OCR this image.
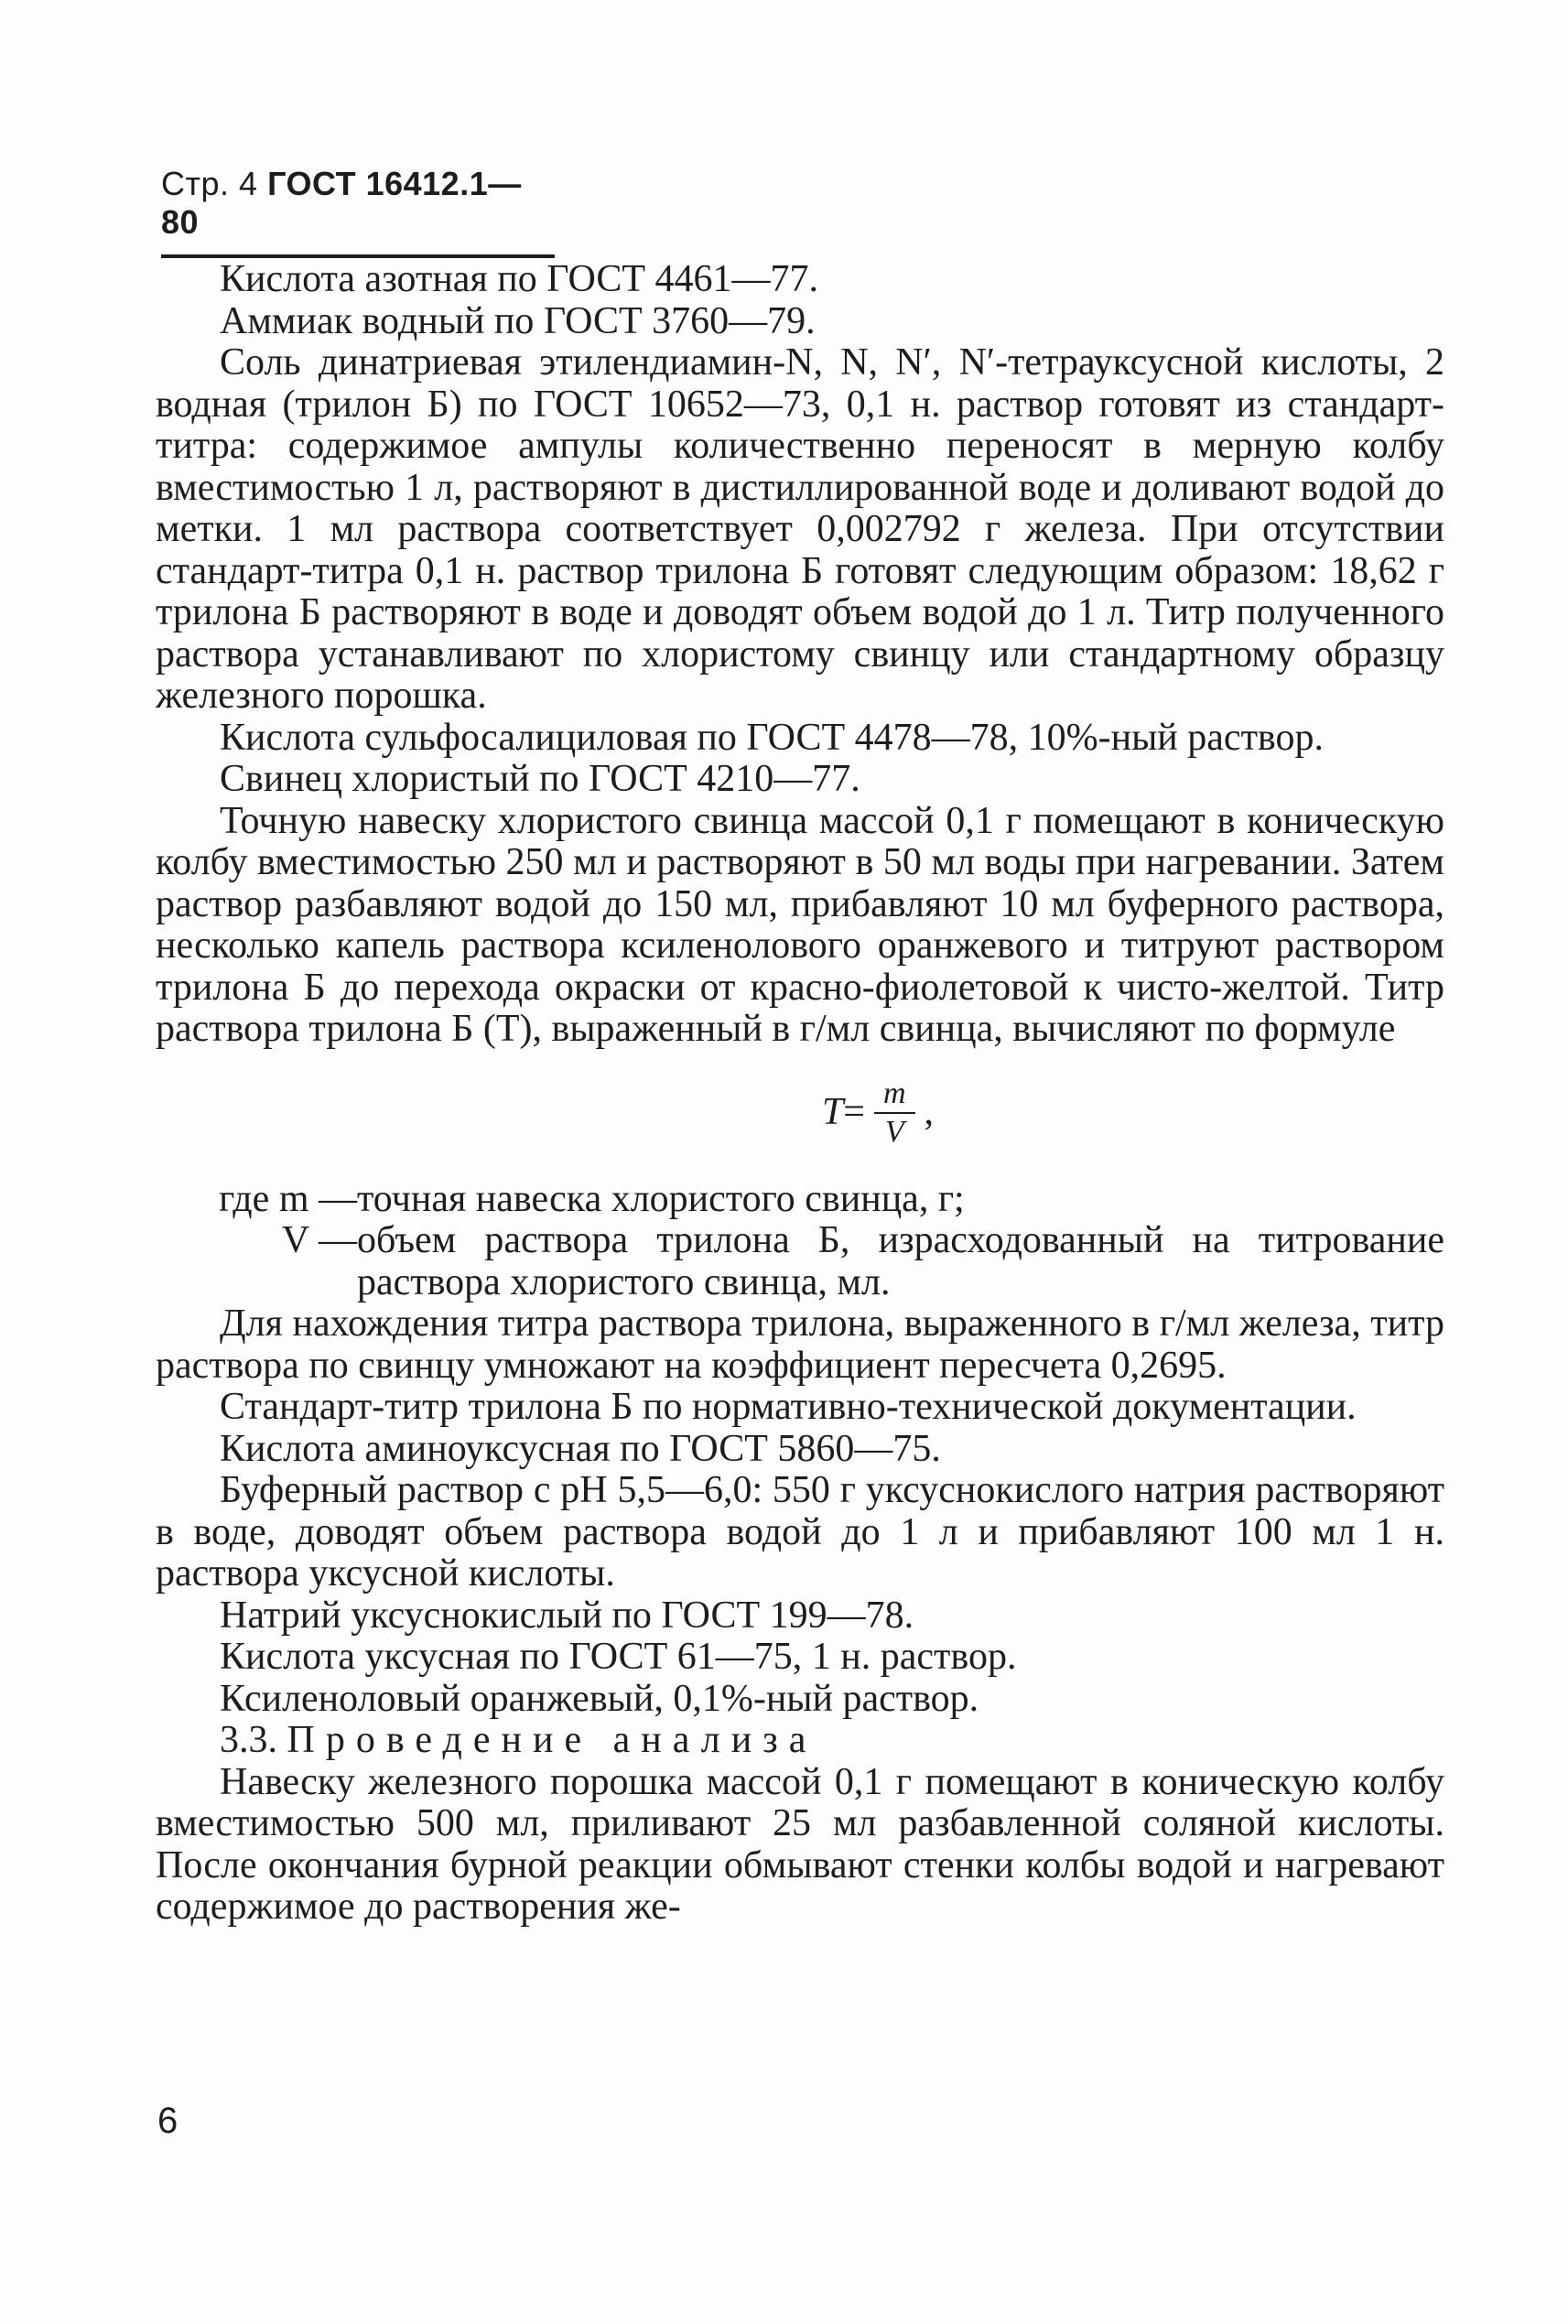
Стр. 4 ГОСТ 16412.1—80

Кислота азотная по ГОСТ 4461—77.

Аммиак водный по ГОСТ 3760—79.

Соль динатриевая этилендиамин-N, N, N′, N′-тетрауксусной кислоты, 2 водная (трилон Б) по ГОСТ 10652—73, 0,1 н. раствор готовят из стандарт-титра: содержимое ампулы количественно переносят в мерную колбу вместимостью 1 л, растворяют в дистиллированной воде и доливают водой до метки. 1 мл раствора соответствует 0,002792 г железа. При отсутствии стандарт-титра 0,1 н. раствор трилона Б готовят следующим образом: 18,62 г трилона Б растворяют в воде и доводят объем водой до 1 л. Титр полученного раствора устанавливают по хлористому свинцу или стандартному образцу железного порошка.

Кислота сульфосалициловая по ГОСТ 4478—78, 10%-ный раствор.

Свинец хлористый по ГОСТ 4210—77.

Точную навеску хлористого свинца массой 0,1 г помещают в коническую колбу вместимостью 250 мл и растворяют в 50 мл воды при нагревании. Затем раствор разбавляют водой до 150 мл, прибавляют 10 мл буферного раствора, несколько капель раствора ксиленолового оранжевого и титруют раствором трилона Б до перехода окраски от красно-фиолетовой к чисто-желтой. Титр раствора трилона Б (T), выраженный в г/мл свинца, вычисляют по формуле

$T = \frac{m}{V}$ ,
где m — точная навеска хлористого свинца, г;
V — объем раствора трилона Б, израсходованный на титрование раствора хлористого свинца, мл.

Для нахождения титра раствора трилона, выраженного в г/мл железа, титр раствора по свинцу умножают на коэффициент пересчета 0,2695.

Стандарт-титр трилона Б по нормативно-технической документации.

Кислота аминоуксусная по ГОСТ 5860—75.

Буферный раствор с pH 5,5—6,0: 550 г уксуснокислого натрия растворяют в воде, доводят объем раствора водой до 1 л и прибавляют 100 мл 1 н. раствора уксусной кислоты.

Натрий уксуснокислый по ГОСТ 199—78.

Кислота уксусная по ГОСТ 61—75, 1 н. раствор.

Ксиленоловый оранжевый, 0,1%-ный раствор.

3.3. Проведение анализа

Навеску железного порошка массой 0,1 г помещают в коническую колбу вместимостью 500 мл, приливают 25 мл разбавленной соляной кислоты. После окончания бурной реакции обмывают стенки колбы водой и нагревают содержимое до растворения же-

6
